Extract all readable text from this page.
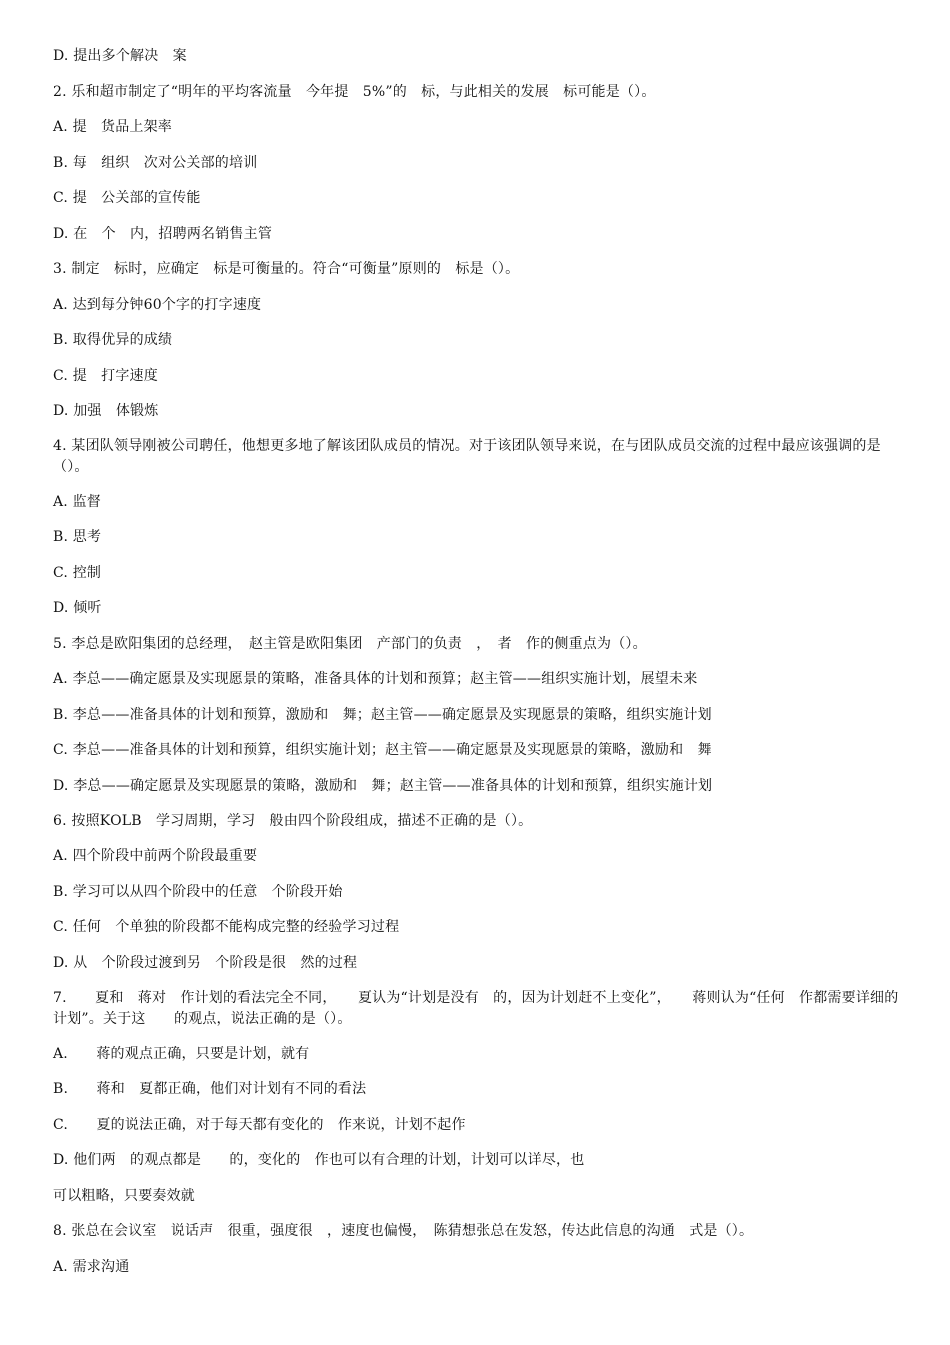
D. 提出多个解决　案
2. 乐和超市制定了“明年的平均客流量　今年提　5%”的　标，与此相关的发展　标可能是（）。
A. 提　货品上架率
B. 每　组织　次对公关部的培训
C. 提　公关部的宣传能
D. 在　个　内，招聘两名销售主管
3. 制定　标时，应确定　标是可衡量的。符合“可衡量”原则的　标是（）。
A. 达到每分钟60个字的打字速度
B. 取得优异的成绩
C. 提　打字速度
D. 加强　体锻炼
4. 某团队领导刚被公司聘任，他想更多地了解该团队成员的情况。对于该团队领导来说，在与团队成员交流的过程中最应该强调的是（）。
A. 监督
B. 思考
C. 控制
D. 倾听
5. 李总是欧阳集团的总经理，　赵主管是欧阳集团　产部门的负责　，　者　作的侧重点为（）。
A. 李总——确定愿景及实现愿景的策略，准备具体的计划和预算；赵主管——组织实施计划，展望未来
B. 李总——准备具体的计划和预算，激励和　舞；赵主管——确定愿景及实现愿景的策略，组织实施计划
C. 李总——准备具体的计划和预算，组织实施计划；赵主管——确定愿景及实现愿景的策略，激励和　舞
D. 李总——确定愿景及实现愿景的策略，激励和　舞；赵主管——准备具体的计划和预算，组织实施计划
6. 按照KOLB　学习周期，学习　般由四个阶段组成，描述不正确的是（）。
A. 四个阶段中前两个阶段最重要
B. 学习可以从四个阶段中的任意　个阶段开始
C. 任何　个单独的阶段都不能构成完整的经验学习过程
D. 从　个阶段过渡到另　个阶段是很　然的过程
7.　　夏和　蒋对　作计划的看法完全不同，　　夏认为“计划是没有　的，因为计划赶不上变化”，　　蒋则认为“任何　作都需要详细的计划”。关于这　　的观点，说法正确的是（）。
A.　　蒋的观点正确，只要是计划，就有
B.　　蒋和　夏都正确，他们对计划有不同的看法
C.　　夏的说法正确，对于每天都有变化的　作来说，计划不起作
D. 他们两　的观点都是　　的，变化的　作也可以有合理的计划，计划可以详尽，也
可以粗略，只要奏效就
8. 张总在会议室　说话声　很重，强度很　，速度也偏慢，　陈猜想张总在发怒，传达此信息的沟通　式是（）。
A. 需求沟通
